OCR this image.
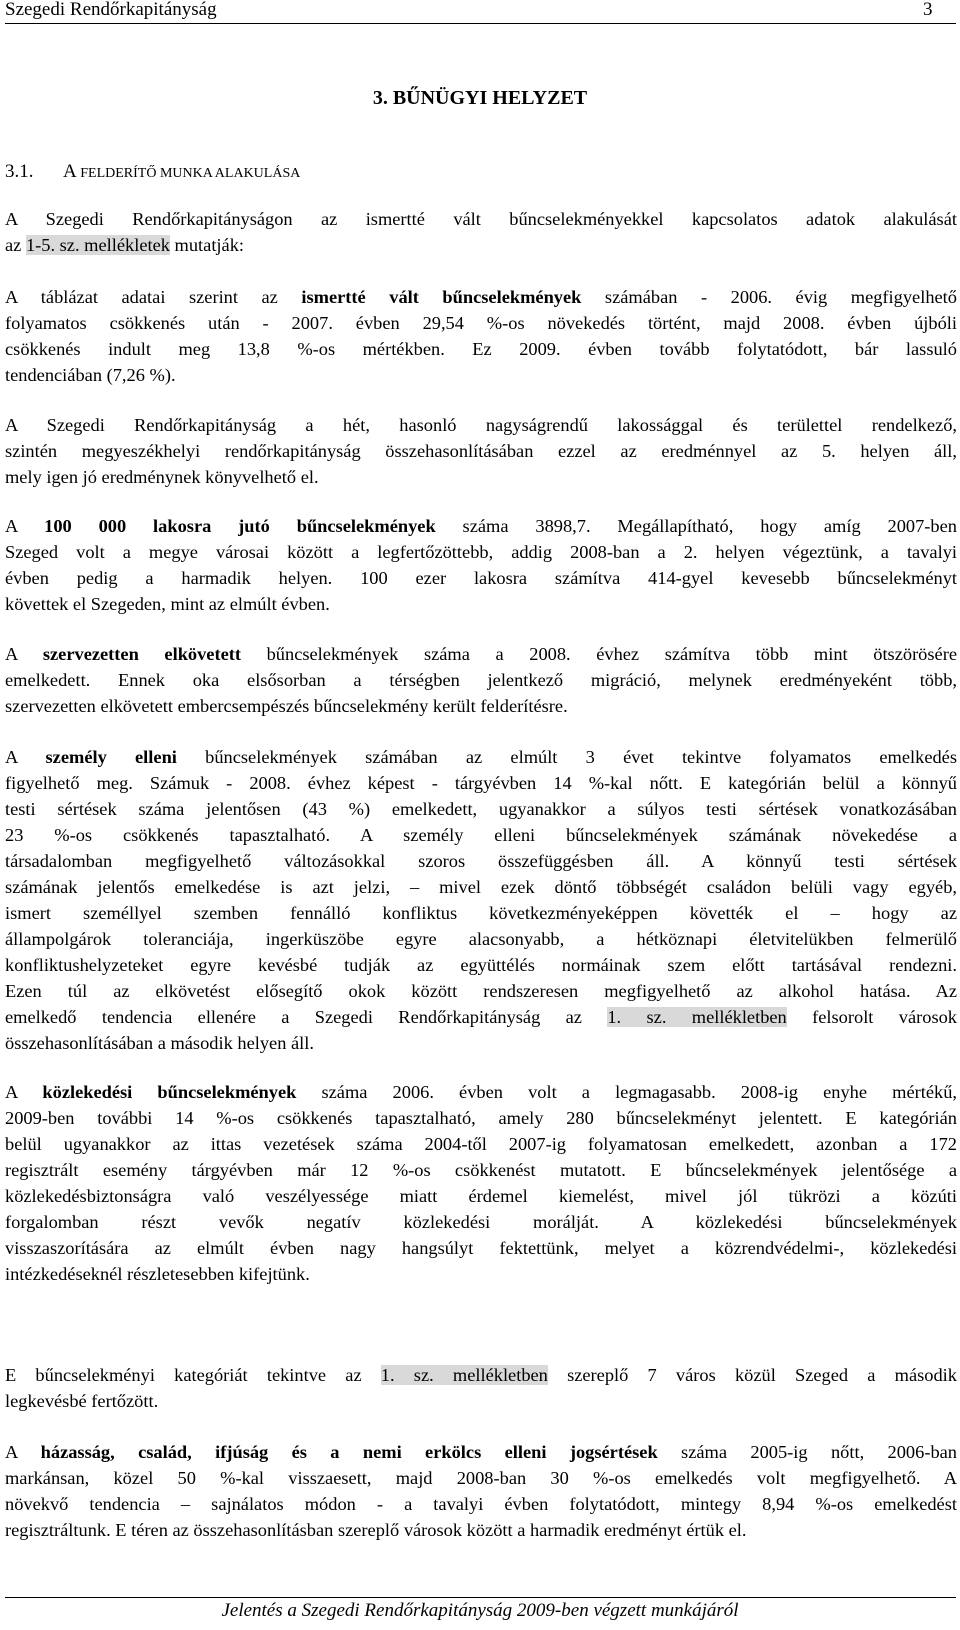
Szegedi Rendőrkapitányság	3
3. BŰNÜGYI HELYZET
3.1. A FELDERÍTŐ MUNKA ALAKULÁSA

A Szegedi Rendőrkapitányságon az ismertté vált bűncselekményekkel kapcsolatos adatok alakulását
az 1-5. sz. mellékletek mutatják:

A táblázat adatai szerint az ismertté vált bűncselekmények számában - 2006. évig megfigyelhető
folyamatos csökkenés után - 2007. évben 29,54 %-os növekedés történt, majd 2008. évben újbóli
csökkenés indult meg 13,8 %-os mértékben. Ez 2009. évben tovább folytatódott, bár lassuló
tendenciában (7,26 %).

A Szegedi Rendőrkapitányság a hét, hasonló nagyságrendű lakossággal és területtel rendelkező,
szintén megyeszékhelyi rendőrkapitányság összehasonlításában ezzel az eredménnyel az 5. helyen áll,
mely igen jó eredménynek könyvelhető el.

A 100 000 lakosra jutó bűncselekmények száma 3898,7. Megállapítható, hogy amíg 2007-ben
Szeged volt a megye városai között a legfertőzöttebb, addig 2008-ban a 2. helyen végeztünk, a tavalyi
évben pedig a harmadik helyen. 100 ezer lakosra számítva 414-gyel kevesebb bűncselekményt
követtek el Szegeden, mint az elmúlt évben.

A szervezetten elkövetett bűncselekmények száma a 2008. évhez számítva több mint ötszörösére
emelkedett. Ennek oka elsősorban a térségben jelentkező migráció, melynek eredményeként több,
szervezetten elkövetett embercsempészés bűncselekmény került felderítésre.

A személy elleni bűncselekmények számában az elmúlt 3 évet tekintve folyamatos emelkedés
figyelhető meg. Számuk - 2008. évhez képest - tárgyévben 14 %-kal nőtt. E kategórián belül a könnyű
testi sértések száma jelentősen (43 %) emelkedett, ugyanakkor a súlyos testi sértések vonatkozásában
23 %-os csökkenés tapasztalható. A személy elleni bűncselekmények számának növekedése a
társadalomban megfigyelhető változásokkal szoros összefüggésben áll. A könnyű testi sértések
számának jelentős emelkedése is azt jelzi, – mivel ezek döntő többségét családon belüli vagy egyéb,
ismert személlyel szemben fennálló konfliktus következményeképpen követték el – hogy az
állampolgárok toleranciája, ingerküszöbe egyre alacsonyabb, a hétköznapi életvitelükben felmerülő
konfliktushelyzeteket egyre kevésbé tudják az együttélés normáinak szem előtt tartásával rendezni.
Ezen túl az elkövetést elősegítő okok között rendszeresen megfigyelhető az alkohol hatása. Az
emelkedő tendencia ellenére a Szegedi Rendőrkapitányság az 1. sz. mellékletben felsorolt városok
összehasonlításában a második helyen áll.

A közlekedési bűncselekmények száma 2006. évben volt a legmagasabb. 2008-ig enyhe mértékű,
2009-ben további 14 %-os csökkenés tapasztalható, amely 280 bűncselekményt jelentett. E kategórián
belül ugyanakkor az ittas vezetések száma 2004-től 2007-ig folyamatosan emelkedett, azonban a 172
regisztrált esemény tárgyévben már 12 %-os csökkenést mutatott. E bűncselekmények jelentősége a
közlekedésbiztonságra való veszélyessége miatt érdemel kiemelést, mivel jól tükrözi a közúti
forgalomban részt vevők negatív közlekedési morálját. A közlekedési bűncselekmények
visszaszorítására az elmúlt évben nagy hangsúlyt fektettünk, melyet a közrendvédelmi-, közlekedési
intézkedéseknél részletesebben kifejtünk.

E bűncselekményi kategóriát tekintve az 1. sz. mellékletben szereplő 7 város közül Szeged a második
legkevésbé fertőzött.

A házasság, család, ifjúság és a nemi erkölcs elleni jogsértések száma 2005-ig nőtt, 2006-ban
markánsan, közel 50 %-kal visszaesett, majd 2008-ban 30 %-os emelkedés volt megfigyelhető. A
növekvő tendencia – sajnálatos módon - a tavalyi évben folytatódott, mintegy 8,94 %-os emelkedést
regisztráltunk. E téren az összehasonlításban szereplő városok között a harmadik eredményt értük el.

Jelentés a Szegedi Rendőrkapitányság 2009-ben végzett munkájáról
